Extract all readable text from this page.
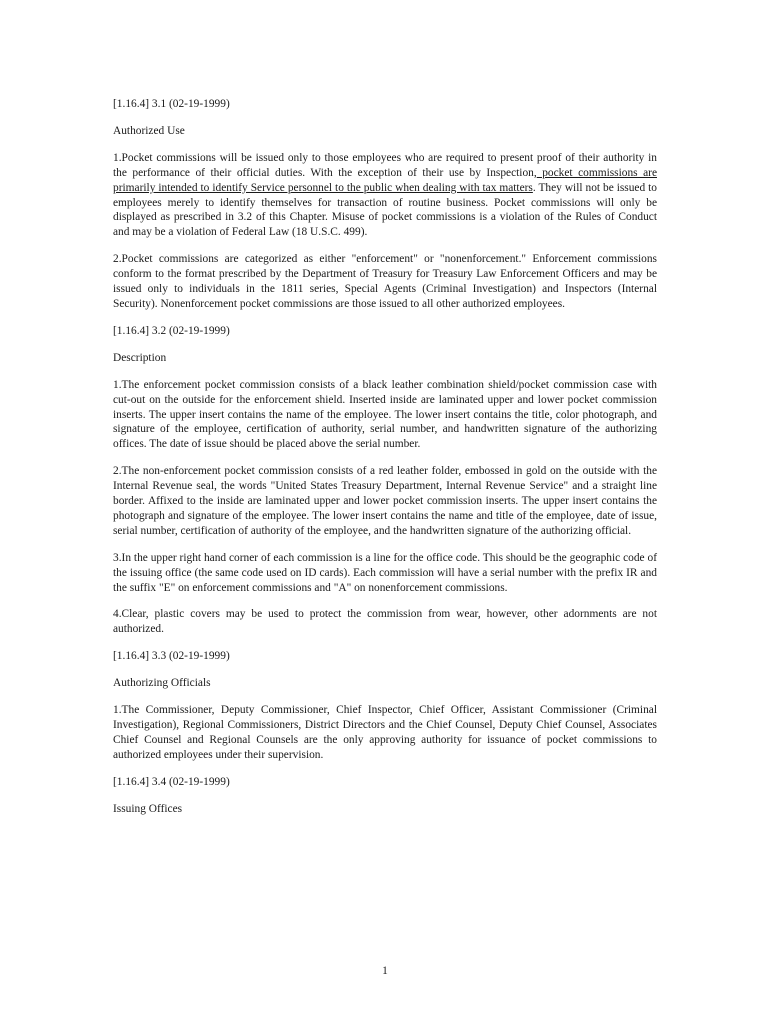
[1.16.4] 3.1 (02-19-1999)

Authorized Use

1.Pocket commissions will be issued only to those employees who are required to present proof of their authority in the performance of their official duties. With the exception of their use by Inspection, pocket commissions are primarily intended to identify Service personnel to the public when dealing with tax matters. They will not be issued to employees merely to identify themselves for transaction of routine business. Pocket commissions will only be displayed as prescribed in 3.2 of this Chapter. Misuse of pocket commissions is a violation of the Rules of Conduct and may be a violation of Federal Law (18 U.S.C. 499).

2.Pocket commissions are categorized as either "enforcement" or "nonenforcement." Enforcement commissions conform to the format prescribed by the Department of Treasury for Treasury Law Enforcement Officers and may be issued only to individuals in the 1811 series, Special Agents (Criminal Investigation) and Inspectors (Internal Security). Nonenforcement pocket commissions are those issued to all other authorized employees.

[1.16.4] 3.2 (02-19-1999)

Description

1.The enforcement pocket commission consists of a black leather combination shield/pocket commission case with cut-out on the outside for the enforcement shield. Inserted inside are laminated upper and lower pocket commission inserts. The upper insert contains the name of the employee. The lower insert contains the title, color photograph, and signature of the employee, certification of authority, serial number, and handwritten signature of the authorizing offices. The date of issue should be placed above the serial number.

2.The non-enforcement pocket commission consists of a red leather folder, embossed in gold on the outside with the Internal Revenue seal, the words "United States Treasury Department, Internal Revenue Service" and a straight line border. Affixed to the inside are laminated upper and lower pocket commission inserts. The upper insert contains the photograph and signature of the employee. The lower insert contains the name and title of the employee, date of issue, serial number, certification of authority of the employee, and the handwritten signature of the authorizing official.

3.In the upper right hand corner of each commission is a line for the office code. This should be the geographic code of the issuing office (the same code used on ID cards). Each commission will have a serial number with the prefix IR and the suffix "E" on enforcement commissions and "A" on nonenforcement commissions.

4.Clear, plastic covers may be used to protect the commission from wear, however, other adornments are not authorized.

[1.16.4] 3.3 (02-19-1999)

Authorizing Officials

1.The Commissioner, Deputy Commissioner, Chief Inspector, Chief Officer, Assistant Commissioner (Criminal Investigation), Regional Commissioners, District Directors and the Chief Counsel, Deputy Chief Counsel, Associates Chief Counsel and Regional Counsels are the only approving authority for issuance of pocket commissions to authorized employees under their supervision.

[1.16.4] 3.4 (02-19-1999)

Issuing Offices

1
